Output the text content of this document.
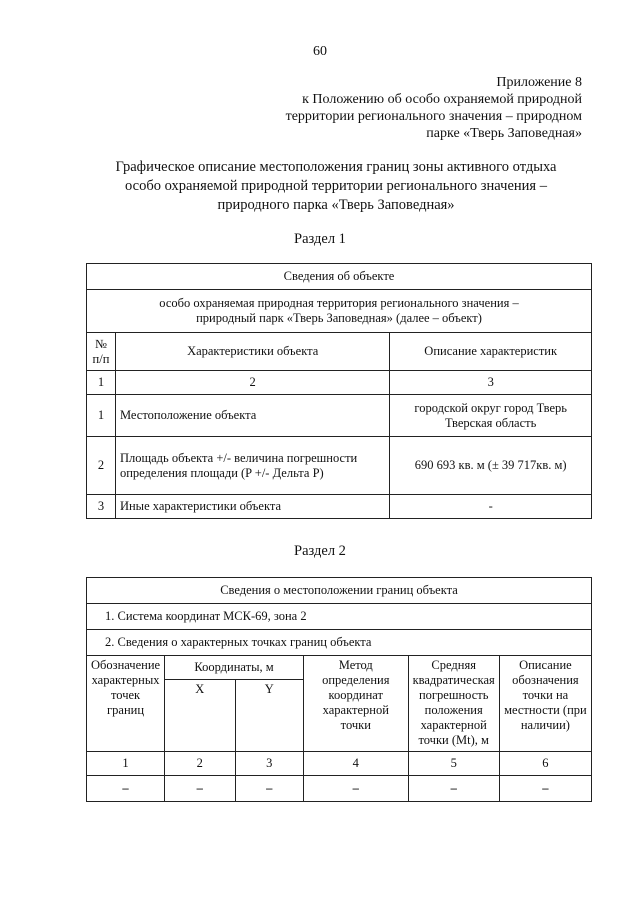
60
Приложение 8
к Положению об особо охраняемой природной
территории регионального значения – природном
парке «Тверь Заповедная»
Графическое описание местоположения границ зоны активного отдыха
особо охраняемой природной территории регионального значения –
природного парка «Тверь Заповедная»
Раздел 1
Сведения об объекте		

особо охраняемая природная территория регионального значения –
природный парк «Тверь Заповедная» (далее – объект)		

№ п/п	Характеристики объекта	Описание характеристик
1	2	3
1	Местоположение объекта	городской округ город Тверь Тверская область
2	Площадь объекта +/- величина погрешности определения площади (P +/- Дельта P)	690 693 кв. м (± 39 717кв. м)
3	Иные характеристики объекта	-
Раздел 2
Сведения о местоположении границ объекта					
1. Система координат МСК-69, зона 2					
2. Сведения о характерных точках границ объекта					
Обозначение характерных точек границ	Координаты, м		Метод определения координат характерной точки	Средняя квадратическая погрешность положения характерной точки (Mt), м	Описание обозначения точки на местности (при наличии)
	X	Y			
1	2	3	4	5	6
–	–	–	–	–	–
